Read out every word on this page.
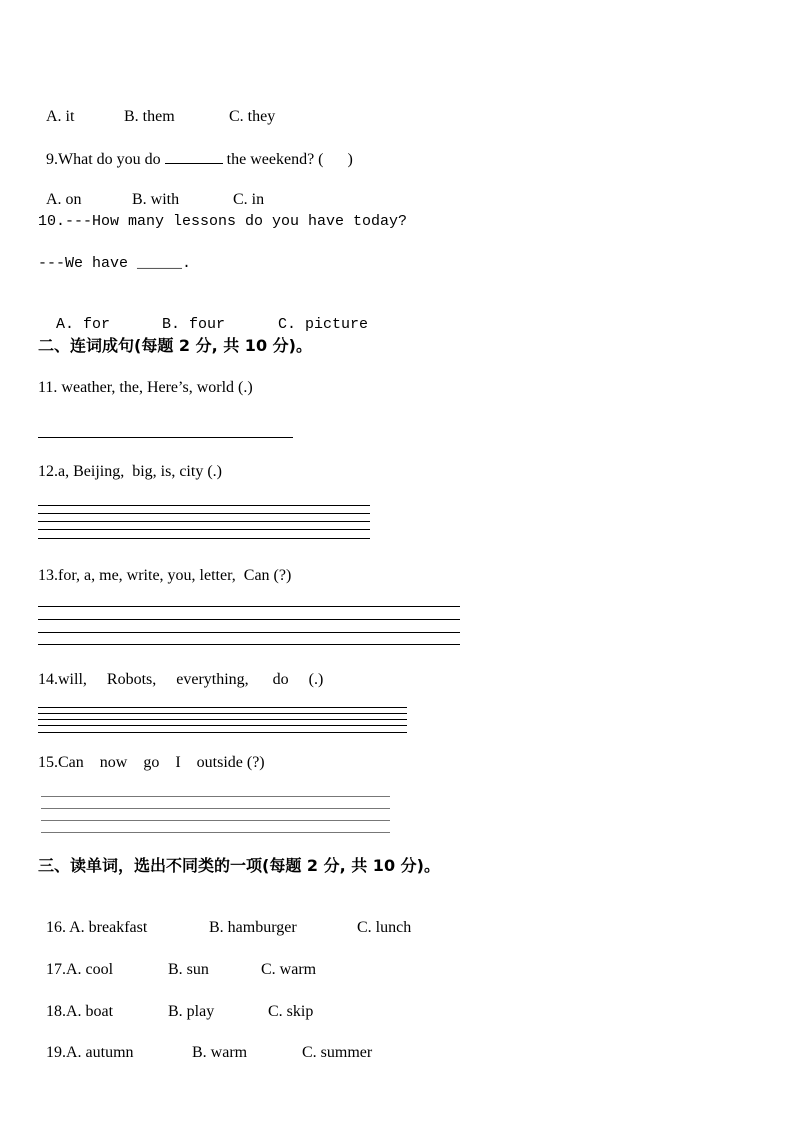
A. it	B. them	C. they

9.What do you do	the weekend? (      )

A. on	B. with	C. in

10.---How many lessons do you have today?
---We have _____.

A. for	B. four	C. picture

二、连词成句(每题 2 分, 共 10 分)。
11. weather, the, Here’s, world (.)
12.a, Beijing,  big, is, city (.)
13.for, a, me, write, you, letter,  Can (?)
14.will,     Robots,     everything,      do     (.)
15.Can    now    go    I    outside (?)
三、读单词，选出不同类的一项(每题 2 分, 共 10 分)。

16. A. breakfast	B. hamburger	C. lunch

17.A. cool	B. sun	C. warm

18.A. boat	B. play	C. skip

19.A. autumn	B. warm	C. summer
